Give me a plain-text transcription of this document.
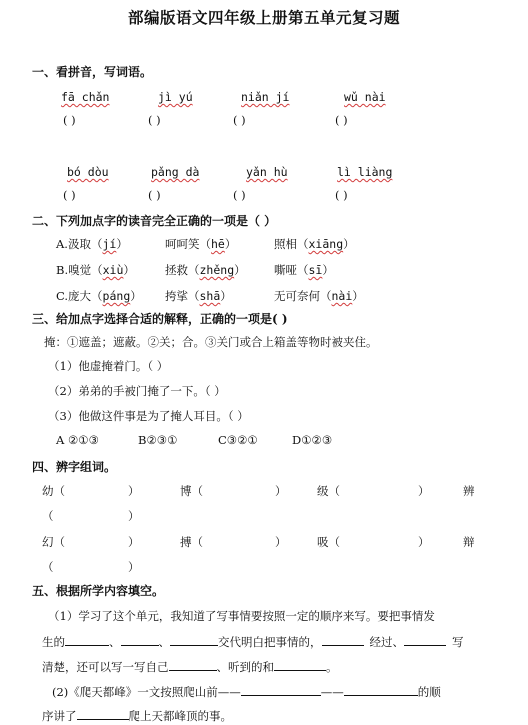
部编版语文四年级上册第五单元复习题
一、看拼音，写词语。
fā chǎn	jì yú	niǎn jí	wǔ nài
( )	( )	( )	( )
bó dòu	pǎng dà	yǎn hù	lì liàng
( )	( )	( )	( )
二、下列加点字的读音完全正确的一项是（ ）
A.汲取（jí）	呵呵笑（hē）	照相（xiāng）
B.嗅觉（xiù）	拯救（zhěng） 嘶哑（sī）
C.庞大（páng） 挎挲（shā）	无可奈何（nài）
三、给加点字选择合适的解释，正确的一项是( )
掩：①遮盖；遮蔽。②关；合。③关门或合上箱盖等物时被夹住。
（1）他虚掩着门。（ ）
（2）弟弟的手被门掩了一下。（ ）
（3）他做这件事是为了掩人耳目。（ ）
A ②①③	B②③①	C③②①	D①②③
四、辨字组词。
幼（	）	博（	）	级（	）	辨
（	）
幻（	）	搏（	）	吸（	）	辩
（	）
五、根据所学内容填空。
（1）学习了这个单元，我知道了写事情要按照一定的顺序来写。要把事情发
生的	、	、	交代明白把事情的，	经过、	写
清楚，还可以写一写自己	、听到的和	。
(2)《爬天都峰》一文按照爬山前——	——	的顺
序讲了	爬上天都峰顶的事。
